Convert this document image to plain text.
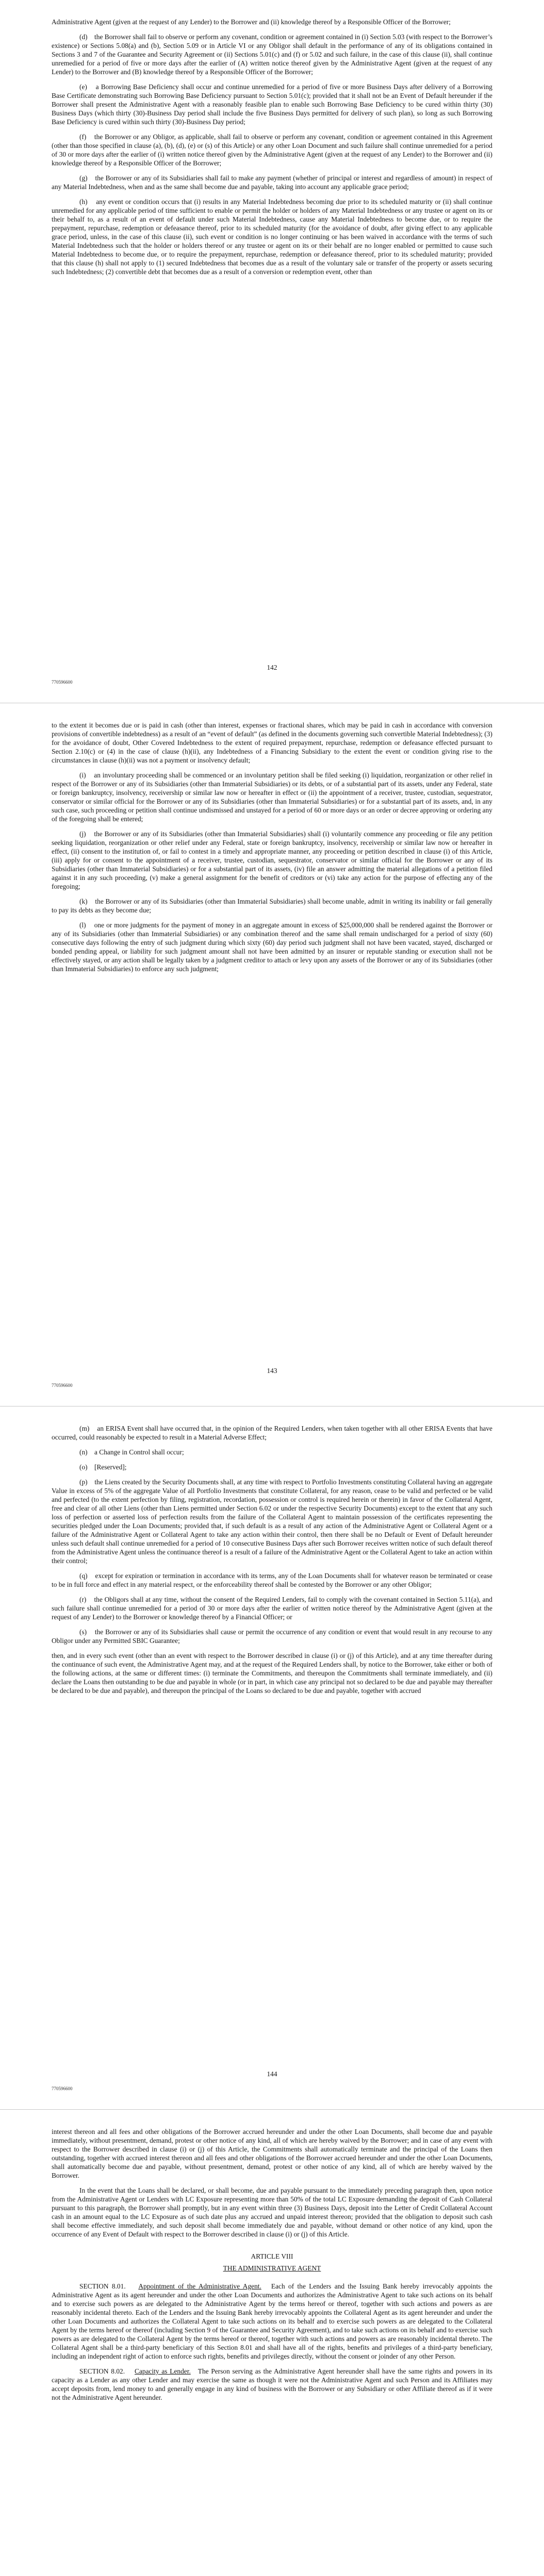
Administrative Agent (given at the request of any Lender) to the Borrower and (ii) knowledge thereof by a Responsible Officer of the Borrower;

(d)    the Borrower shall fail to observe or perform any covenant, condition or agreement contained in (i) Section 5.03 (with respect to the Borrower’s existence) or Sections 5.08(a) and (b), Section 5.09 or in Article VI or any Obligor shall default in the performance of any of its obligations contained in Sections 3 and 7 of the Guarantee and Security Agreement or (ii) Sections 5.01(c) and (f) or 5.02 and such failure, in the case of this clause (ii), shall continue unremedied for a period of five or more days after the earlier of (A) written notice thereof given by the Administrative Agent (given at the request of any Lender) to the Borrower and (B) knowledge thereof by a Responsible Officer of the Borrower;

(e)    a Borrowing Base Deficiency shall occur and continue unremedied for a period of five or more Business Days after delivery of a Borrowing Base Certificate demonstrating such Borrowing Base Deficiency pursuant to Section 5.01(c); provided that it shall not be an Event of Default hereunder if the Borrower shall present the Administrative Agent with a reasonably feasible plan to enable such Borrowing Base Deficiency to be cured within thirty (30) Business Days (which thirty (30)-Business Day period shall include the five Business Days permitted for delivery of such plan), so long as such Borrowing Base Deficiency is cured within such thirty (30)-Business Day period;

(f)    the Borrower or any Obligor, as applicable, shall fail to observe or perform any covenant, condition or agreement contained in this Agreement (other than those specified in clause (a), (b), (d), (e) or (s) of this Article) or any other Loan Document and such failure shall continue unremedied for a period of 30 or more days after the earlier of (i) written notice thereof given by the Administrative Agent (given at the request of any Lender) to the Borrower and (ii) knowledge thereof by a Responsible Officer of the Borrower;

(g)    the Borrower or any of its Subsidiaries shall fail to make any payment (whether of principal or interest and regardless of amount) in respect of any Material Indebtedness, when and as the same shall become due and payable, taking into account any applicable grace period;

(h)    any event or condition occurs that (i) results in any Material Indebtedness becoming due prior to its scheduled maturity or (ii) shall continue unremedied for any applicable period of time sufficient to enable or permit the holder or holders of any Material Indebtedness or any trustee or agent on its or their behalf to, as a result of an event of default under such Material Indebtedness, cause any Material Indebtedness to become due, or to require the prepayment, repurchase, redemption or defeasance thereof, prior to its scheduled maturity (for the avoidance of doubt, after giving effect to any applicable grace period, unless, in the case of this clause (ii), such event or condition is no longer continuing or has been waived in accordance with the terms of such Material Indebtedness such that the holder or holders thereof or any trustee or agent on its or their behalf are no longer enabled or permitted to cause such Material Indebtedness to become due, or to require the prepayment, repurchase, redemption or defeasance thereof, prior to its scheduled maturity; provided that this clause (h) shall not apply to (1) secured Indebtedness that becomes due as a result of the voluntary sale or transfer of the property or assets securing such Indebtedness; (2) convertible debt that becomes due as a result of a conversion or redemption event, other than

142
770596600

to the extent it becomes due or is paid in cash (other than interest, expenses or fractional shares, which may be paid in cash in accordance with conversion provisions of convertible indebtedness) as a result of an “event of default” (as defined in the documents governing such convertible Material Indebtedness); (3) for the avoidance of doubt, Other Covered Indebtedness to the extent of required prepayment, repurchase, redemption or defeasance effected pursuant to Section 2.10(c) or (4) in the case of clause (h)(ii), any Indebtedness of a Financing Subsidiary to the extent the event or condition giving rise to the circumstances in clause (h)(ii) was not a payment or insolvency default;

(i)    an involuntary proceeding shall be commenced or an involuntary petition shall be filed seeking (i) liquidation, reorganization or other relief in respect of the Borrower or any of its Subsidiaries (other than Immaterial Subsidiaries) or its debts, or of a substantial part of its assets, under any Federal, state or foreign bankruptcy, insolvency, receivership or similar law now or hereafter in effect or (ii) the appointment of a receiver, trustee, custodian, sequestrator, conservator or similar official for the Borrower or any of its Subsidiaries (other than Immaterial Subsidiaries) or for a substantial part of its assets, and, in any such case, such proceeding or petition shall continue undismissed and unstayed for a period of 60 or more days or an order or decree approving or ordering any of the foregoing shall be entered;

(j)    the Borrower or any of its Subsidiaries (other than Immaterial Subsidiaries) shall (i) voluntarily commence any proceeding or file any petition seeking liquidation, reorganization or other relief under any Federal, state or foreign bankruptcy, insolvency, receivership or similar law now or hereafter in effect, (ii) consent to the institution of, or fail to contest in a timely and appropriate manner, any proceeding or petition described in clause (i) of this Article, (iii) apply for or consent to the appointment of a receiver, trustee, custodian, sequestrator, conservator or similar official for the Borrower or any of its Subsidiaries (other than Immaterial Subsidiaries) or for a substantial part of its assets, (iv) file an answer admitting the material allegations of a petition filed against it in any such proceeding, (v) make a general assignment for the benefit of creditors or (vi) take any action for the purpose of effecting any of the foregoing;

(k)    the Borrower or any of its Subsidiaries (other than Immaterial Subsidiaries) shall become unable, admit in writing its inability or fail generally to pay its debts as they become due;

(l)    one or more judgments for the payment of money in an aggregate amount in excess of $25,000,000 shall be rendered against the Borrower or any of its Subsidiaries (other than Immaterial Subsidiaries) or any combination thereof and the same shall remain undischarged for a period of sixty (60) consecutive days following the entry of such judgment during which sixty (60) day period such judgment shall not have been vacated, stayed, discharged or bonded pending appeal, or liability for such judgment amount shall not have been admitted by an insurer or reputable standing or execution shall not be effectively stayed, or any action shall be legally taken by a judgment creditor to attach or levy upon any assets of the Borrower or any of its Subsidiaries (other than Immaterial Subsidiaries) to enforce any such judgment;

143
770596600

(m)    an ERISA Event shall have occurred that, in the opinion of the Required Lenders, when taken together with all other ERISA Events that have occurred, could reasonably be expected to result in a Material Adverse Effect;

(n)    a Change in Control shall occur;

(o)    [Reserved];

(p)    the Liens created by the Security Documents shall, at any time with respect to Portfolio Investments constituting Collateral having an aggregate Value in excess of 5% of the aggregate Value of all Portfolio Investments that constitute Collateral, for any reason, cease to be valid and perfected or be valid and perfected (to the extent perfection by filing, registration, recordation, possession or control is required herein or therein) in favor of the Collateral Agent, free and clear of all other Liens (other than Liens permitted under Section 6.02 or under the respective Security Documents) except to the extent that any such loss of perfection or asserted loss of perfection results from the failure of the Collateral Agent to maintain possession of the certificates representing the securities pledged under the Loan Documents; provided that, if such default is as a result of any action of the Administrative Agent or Collateral Agent or a failure of the Administrative Agent or Collateral Agent to take any action within their control, then there shall be no Default or Event of Default hereunder unless such default shall continue unremedied for a period of 10 consecutive Business Days after such Borrower receives written notice of such default thereof from the Administrative Agent unless the continuance thereof is a result of a failure of the Administrative Agent or the Collateral Agent to take an action within their control;

(q)    except for expiration or termination in accordance with its terms, any of the Loan Documents shall for whatever reason be terminated or cease to be in full force and effect in any material respect, or the enforceability thereof shall be contested by the Borrower or any other Obligor;

(r)    the Obligors shall at any time, without the consent of the Required Lenders, fail to comply with the covenant contained in Section 5.11(a), and such failure shall continue unremedied for a period of 30 or more days after the earlier of written notice thereof by the Administrative Agent (given at the request of any Lender) to the Borrower or knowledge thereof by a Financial Officer; or

(s)    the Borrower or any of its Subsidiaries shall cause or permit the occurrence of any condition or event that would result in any recourse to any Obligor under any Permitted SBIC Guarantee;

then, and in every such event (other than an event with respect to the Borrower described in clause (i) or (j) of this Article), and at any time thereafter during the continuance of such event, the Administrative Agent may, and at the request of the Required Lenders shall, by notice to the Borrower, take either or both of the following actions, at the same or different times: (i) terminate the Commitments, and thereupon the Commitments shall terminate immediately, and (ii) declare the Loans then outstanding to be due and payable in whole (or in part, in which case any principal not so declared to be due and payable may thereafter be declared to be due and payable), and thereupon the principal of the Loans so declared to be due and payable, together with accrued

144
770596600

interest thereon and all fees and other obligations of the Borrower accrued hereunder and under the other Loan Documents, shall become due and payable immediately, without presentment, demand, protest or other notice of any kind, all of which are hereby waived by the Borrower; and in case of any event with respect to the Borrower described in clause (i) or (j) of this Article, the Commitments shall automatically terminate and the principal of the Loans then outstanding, together with accrued interest thereon and all fees and other obligations of the Borrower accrued hereunder and under the other Loan Documents, shall automatically become due and payable, without presentment, demand, protest or other notice of any kind, all of which are hereby waived by the Borrower.

In the event that the Loans shall be declared, or shall become, due and payable pursuant to the immediately preceding paragraph then, upon notice from the Administrative Agent or Lenders with LC Exposure representing more than 50% of the total LC Exposure demanding the deposit of Cash Collateral pursuant to this paragraph, the Borrower shall promptly, but in any event within three (3) Business Days, deposit into the Letter of Credit Collateral Account cash in an amount equal to the LC Exposure as of such date plus any accrued and unpaid interest thereon; provided that the obligation to deposit such cash shall become effective immediately, and such deposit shall become immediately due and payable, without demand or other notice of any kind, upon the occurrence of any Event of Default with respect to the Borrower described in clause (i) or (j) of this Article.

ARTICLE VIII

THE ADMINISTRATIVE AGENT

SECTION 8.01. Appointment of the Administrative Agent. Each of the Lenders and the Issuing Bank hereby irrevocably appoints the Administrative Agent as its agent hereunder and under the other Loan Documents and authorizes the Administrative Agent to take such actions on its behalf and to exercise such powers as are delegated to the Administrative Agent by the terms hereof or thereof, together with such actions and powers as are reasonably incidental thereto. Each of the Lenders and the Issuing Bank hereby irrevocably appoints the Collateral Agent as its agent hereunder and under the other Loan Documents and authorizes the Collateral Agent to take such actions on its behalf and to exercise such powers as are delegated to the Collateral Agent by the terms hereof or thereof (including Section 9 of the Guarantee and Security Agreement), and to take such actions on its behalf and to exercise such powers as are delegated to the Collateral Agent by the terms hereof or thereof, together with such actions and powers as are reasonably incidental thereto. The Collateral Agent shall be a third-party beneficiary of this Section 8.01 and shall have all of the rights, benefits and privileges of a third-party beneficiary, including an independent right of action to enforce such rights, benefits and privileges directly, without the consent or joinder of any other Person.

SECTION 8.02. Capacity as Lender. The Person serving as the Administrative Agent hereunder shall have the same rights and powers in its capacity as a Lender as any other Lender and may exercise the same as though it were not the Administrative Agent and such Person and its Affiliates may accept deposits from, lend money to and generally engage in any kind of business with the Borrower or any Subsidiary or other Affiliate thereof as if it were not the Administrative Agent hereunder.
